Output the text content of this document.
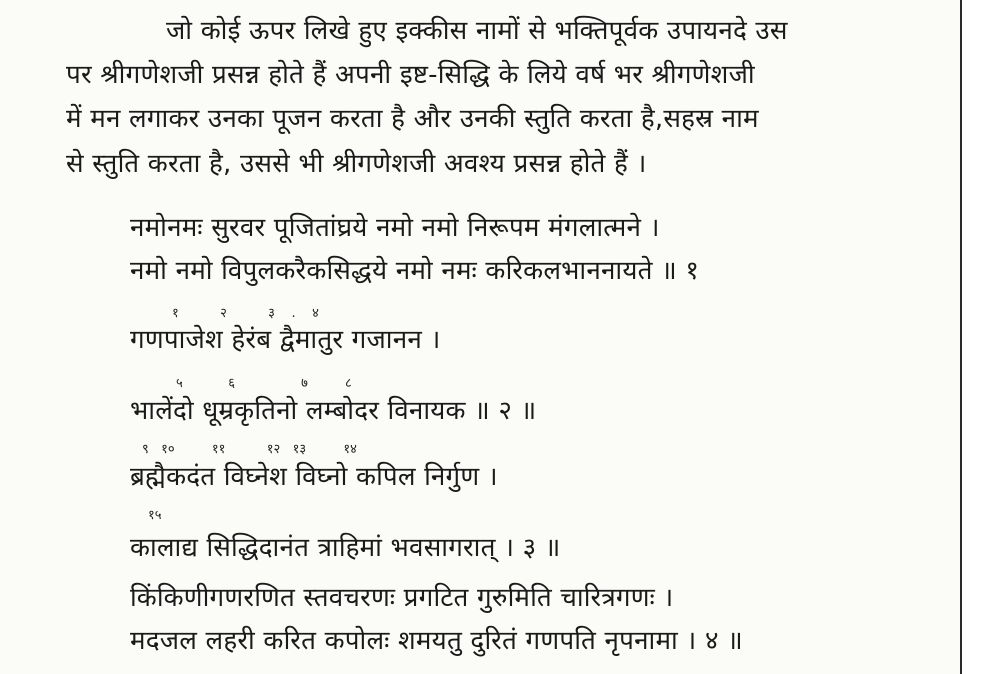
जो कोई ऊपर लिखे हुए इक्कीस नामों से भक्तिपूर्वक उपायनदे उस
पर श्रीगणेशजी प्रसन्न होते हैं अपनी इष्ट-सिद्धि के लिये वर्ष भर श्रीगणेशजी
में मन लगाकर उनका पूजन करता है और उनकी स्तुति करता है,सहस्र नाम
से स्तुति करता है, उससे भी श्रीगणेशजी अवश्य प्रसन्न होते हैं ।
नमोनमः सुरवर पूजितांघ्रये नमो नमो निरूपम मंगलात्मने ।
नमो नमो विपुलकरैकसिद्धये नमो नमः करिकलभाननायते ॥ १
१          २          ३    .    ४
गणपाजेश हेरंब द्वैमातुर गजानन ।
५           ६                ७         ८
भालेंदो धूम्रकृतिनो लम्बोदर विनायक ॥ २ ॥
९   १०         ११          १२   १३         १४
ब्रह्मैकदंत विघ्नेश विघ्नो कपिल निर्गुण ।
१५
कालाद्य सिद्धिदानंत त्राहिमां भवसागरात् । ३ ॥
किंकिणीगणरणित स्तवचरणः प्रगटित गुरुमिति चारित्रगणः ।
मदजल लहरी करित कपोलः शमयतु दुरितं गणपति नृपनामा । ४ ॥
